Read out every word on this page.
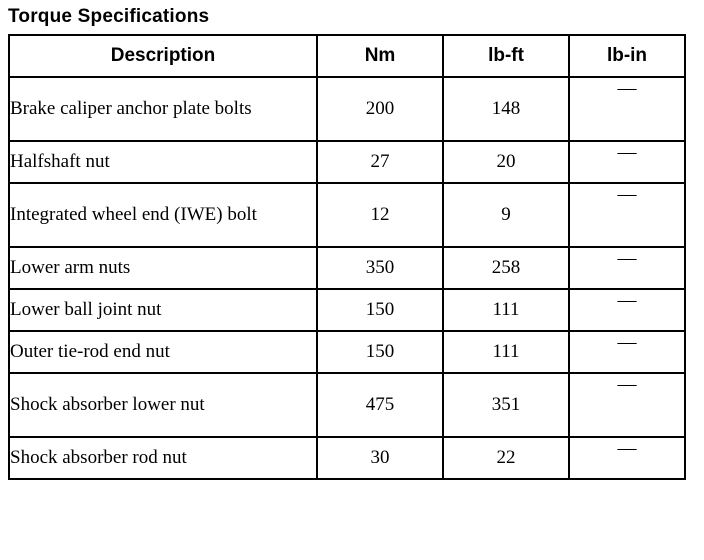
Torque Specifications
Description	Nm	lb-ft	lb-in
Brake caliper anchor plate bolts	200	148	—
Halfshaft nut	27	20	—
Integrated wheel end (IWE) bolt	12	9	—
Lower arm nuts	350	258	—
Lower ball joint nut	150	111	—
Outer tie-rod end nut	150	111	—
Shock absorber lower nut	475	351	—
Shock absorber rod nut	30	22	—
